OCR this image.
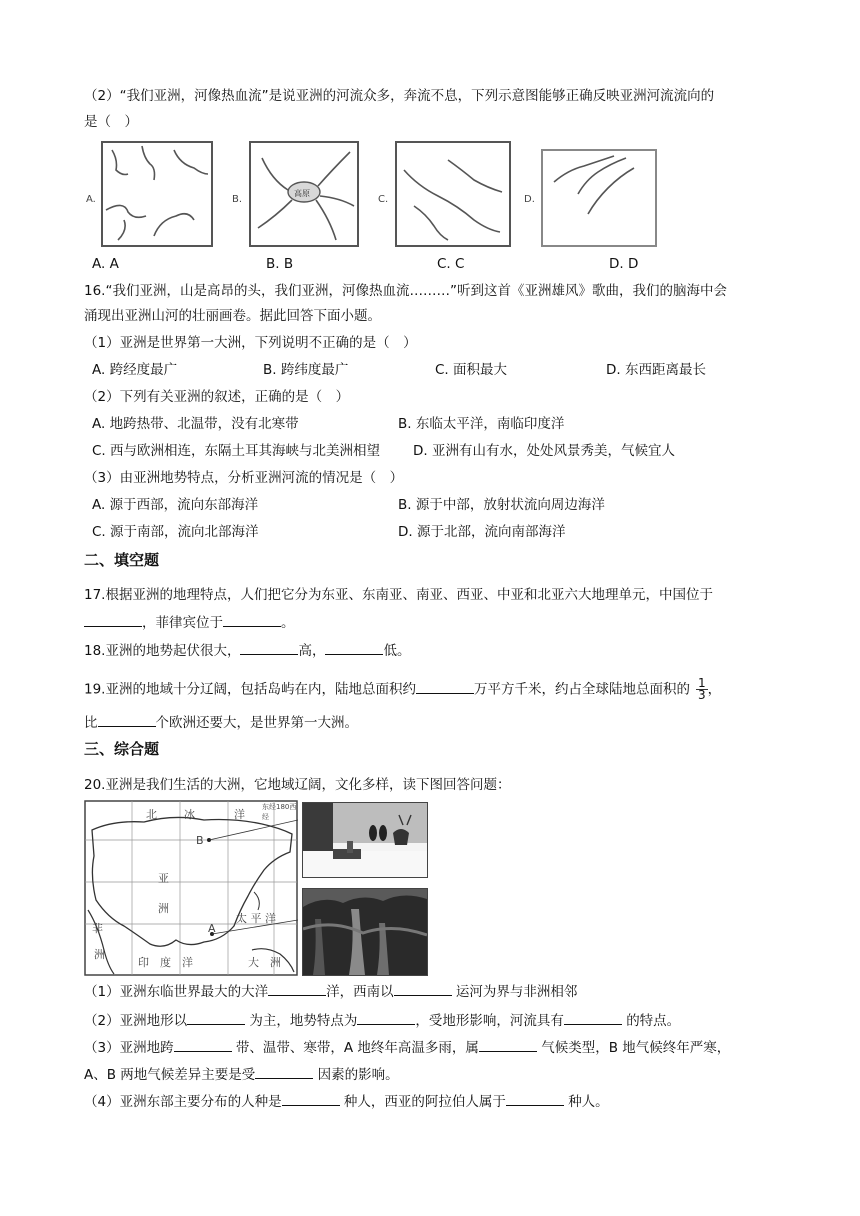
（2）“我们亚洲，河像热血流”是说亚洲的河流众多，奔流不息，下列示意图能够正确反映亚洲河流流向的
是（　）
A.	B.
高原
C.	D.
A. A	B. B	C. C	D. D
16.“我们亚洲，山是高昂的头，我们亚洲，河像热血流………”听到这首《亚洲雄风》歌曲，我们的脑海中会
涌现出亚洲山河的壮丽画卷。据此回答下面小题。
（1）亚洲是世界第一大洲，下列说明不正确的是（　）
A. 跨经度最广	B. 跨纬度最广	C. 面积最大	D. 东西距离最长
（2）下列有关亚洲的叙述，正确的是（　）
A. 地跨热带、北温带，没有北寒带	B. 东临太平洋，南临印度洋
C. 西与欧洲相连，东隔土耳其海峡与北美洲相望 D. 亚洲有山有水，处处风景秀美，气候宜人
（3）由亚洲地势特点，分析亚洲河流的情况是（　）
A. 源于西部，流向东部海洋	B. 源于中部，放射状流向周边海洋
C. 源于南部，流向北部海洋	D. 源于北部，流向南部海洋
二、填空题
17.根据亚洲的地理特点，人们把它分为东亚、东南亚、南亚、西亚、中亚和北亚六大地理单元，中国位于
，菲律宾位于	。
18.亚洲的地势起伏很大，	高，	低。
19.亚洲的地域十分辽阔，包括岛屿在内，陆地总面积约	万平方千米，约占全球陆地总面积的 $\frac{1}{3}$ ，
比	个欧洲还要大，是世界第一大洲。
三、综合题
20.亚洲是我们生活的大洲，它地域辽阔，文化多样，读下图回答问题：
北 冰	洋
东经180西经
B
亚
洲
太 平 洋
非
洲
A
印　度　洋	大　洲
（1）亚洲东临世界最大的大洋	洋，西南以	运河为界与非洲相邻
（2）亚洲地形以	为主，地势特点为	，受地形影响，河流具有	的特点。
（3）亚洲地跨	带、温带、寒带，A 地终年高温多雨，属	气候类型，B 地气候终年严寒，
A、B 两地气候差异主要是受	因素的影响。
（4）亚洲东部主要分布的人种是	种人，西亚的阿拉伯人属于	种人。
